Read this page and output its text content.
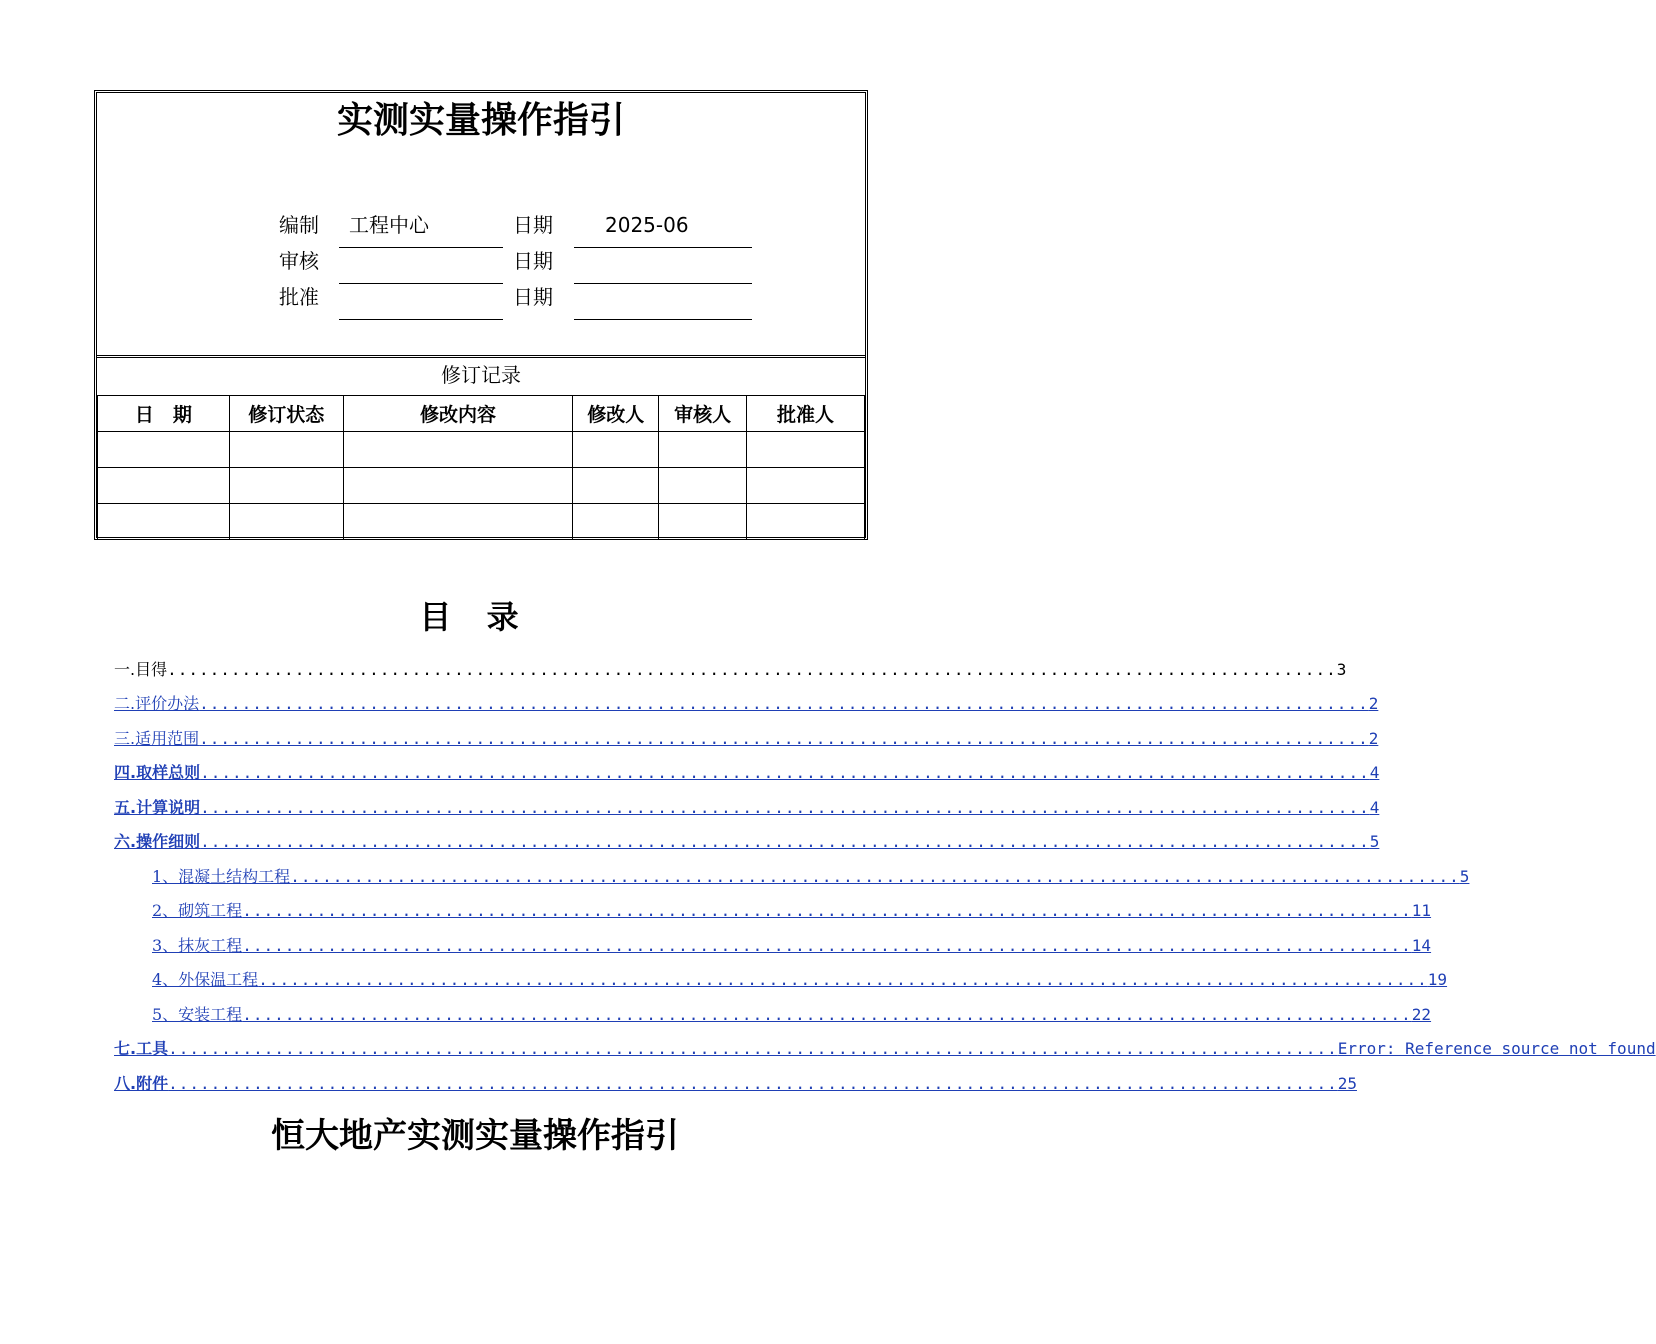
实测实量操作指引
编制 工程中心	日期	2025-06
审核	日期
批准	日期
修订记录
日　期	修订状态	修改内容	修改人	审核人	批准人

目 录
一.目得 .............................................................................................................. 3
二.评价办法 .............................................................................................................. 2
三.适用范围 .............................................................................................................. 2
四.取样总则 .............................................................................................................. 4
五.计算说明 .............................................................................................................. 4
六.操作细则 .............................................................................................................. 5
1、混凝土结构工程 .............................................................................................................. 5
2、砌筑工程 .............................................................................................................. 11
3、抹灰工程 .............................................................................................................. 14
4、外保温工程 .............................................................................................................. 19
5、安装工程 .............................................................................................................. 22
七.工具 .............................................................................................................. Error: Reference source not found
八.附件 .............................................................................................................. 25
恒大地产实测实量操作指引
